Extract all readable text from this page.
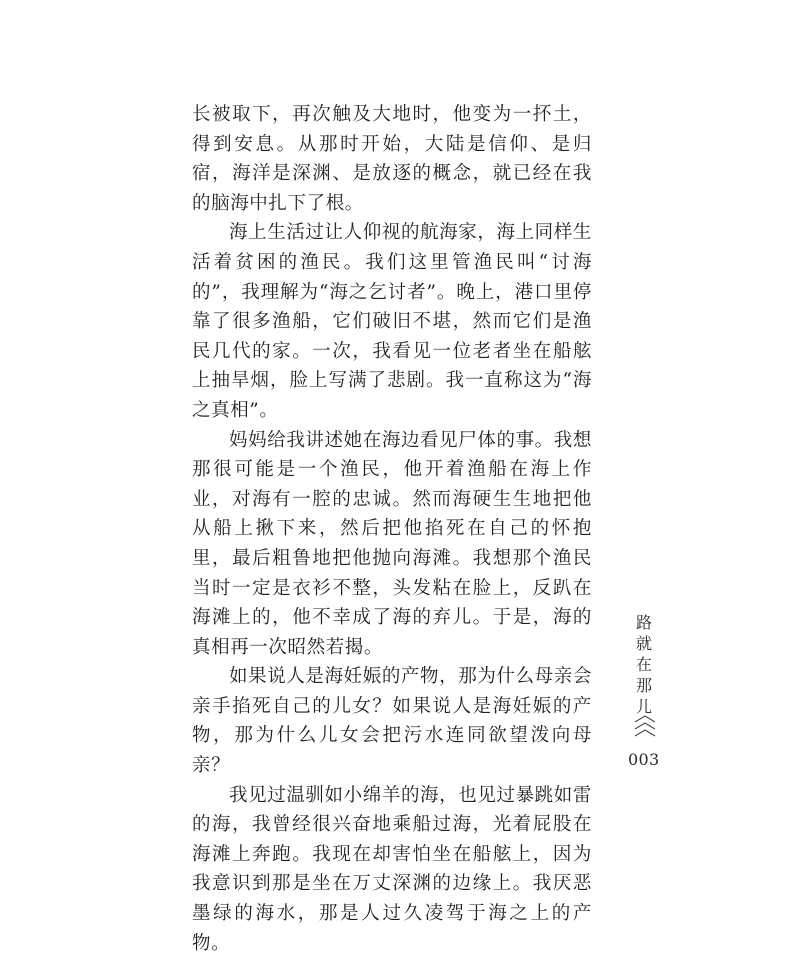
长被取下，再次触及大地时，他变为一抔土，得到安息。从那时开始，大陆是信仰、是归宿，海洋是深渊、是放逐的概念，就已经在我的脑海中扎下了根。

海上生活过让人仰视的航海家，海上同样生活着贫困的渔民。我们这里管渔民叫“讨海的”，我理解为“海之乞讨者”。晚上，港口里停靠了很多渔船，它们破旧不堪，然而它们是渔民几代的家。一次，我看见一位老者坐在船舷上抽旱烟，脸上写满了悲剧。我一直称这为“海之真相”。

妈妈给我讲述她在海边看见尸体的事。我想那很可能是一个渔民，他开着渔船在海上作业，对海有一腔的忠诚。然而海硬生生地把他从船上揪下来，然后把他掐死在自己的怀抱里，最后粗鲁地把他抛向海滩。我想那个渔民当时一定是衣衫不整，头发粘在脸上，反趴在海滩上的，他不幸成了海的弃儿。于是，海的真相再一次昭然若揭。

如果说人是海妊娠的产物，那为什么母亲会亲手掐死自己的儿女？如果说人是海妊娠的产物，那为什么儿女会把污水连同欲望泼向母亲？

我见过温驯如小绵羊的海，也见过暴跳如雷的海，我曾经很兴奋地乘船过海，光着屁股在海滩上奔跑。我现在却害怕坐在船舷上，因为我意识到那是坐在万丈深渊的边缘上。我厌恶墨绿的海水，那是人过久凌驾于海之上的产物。

路
就
在
那
儿
003
